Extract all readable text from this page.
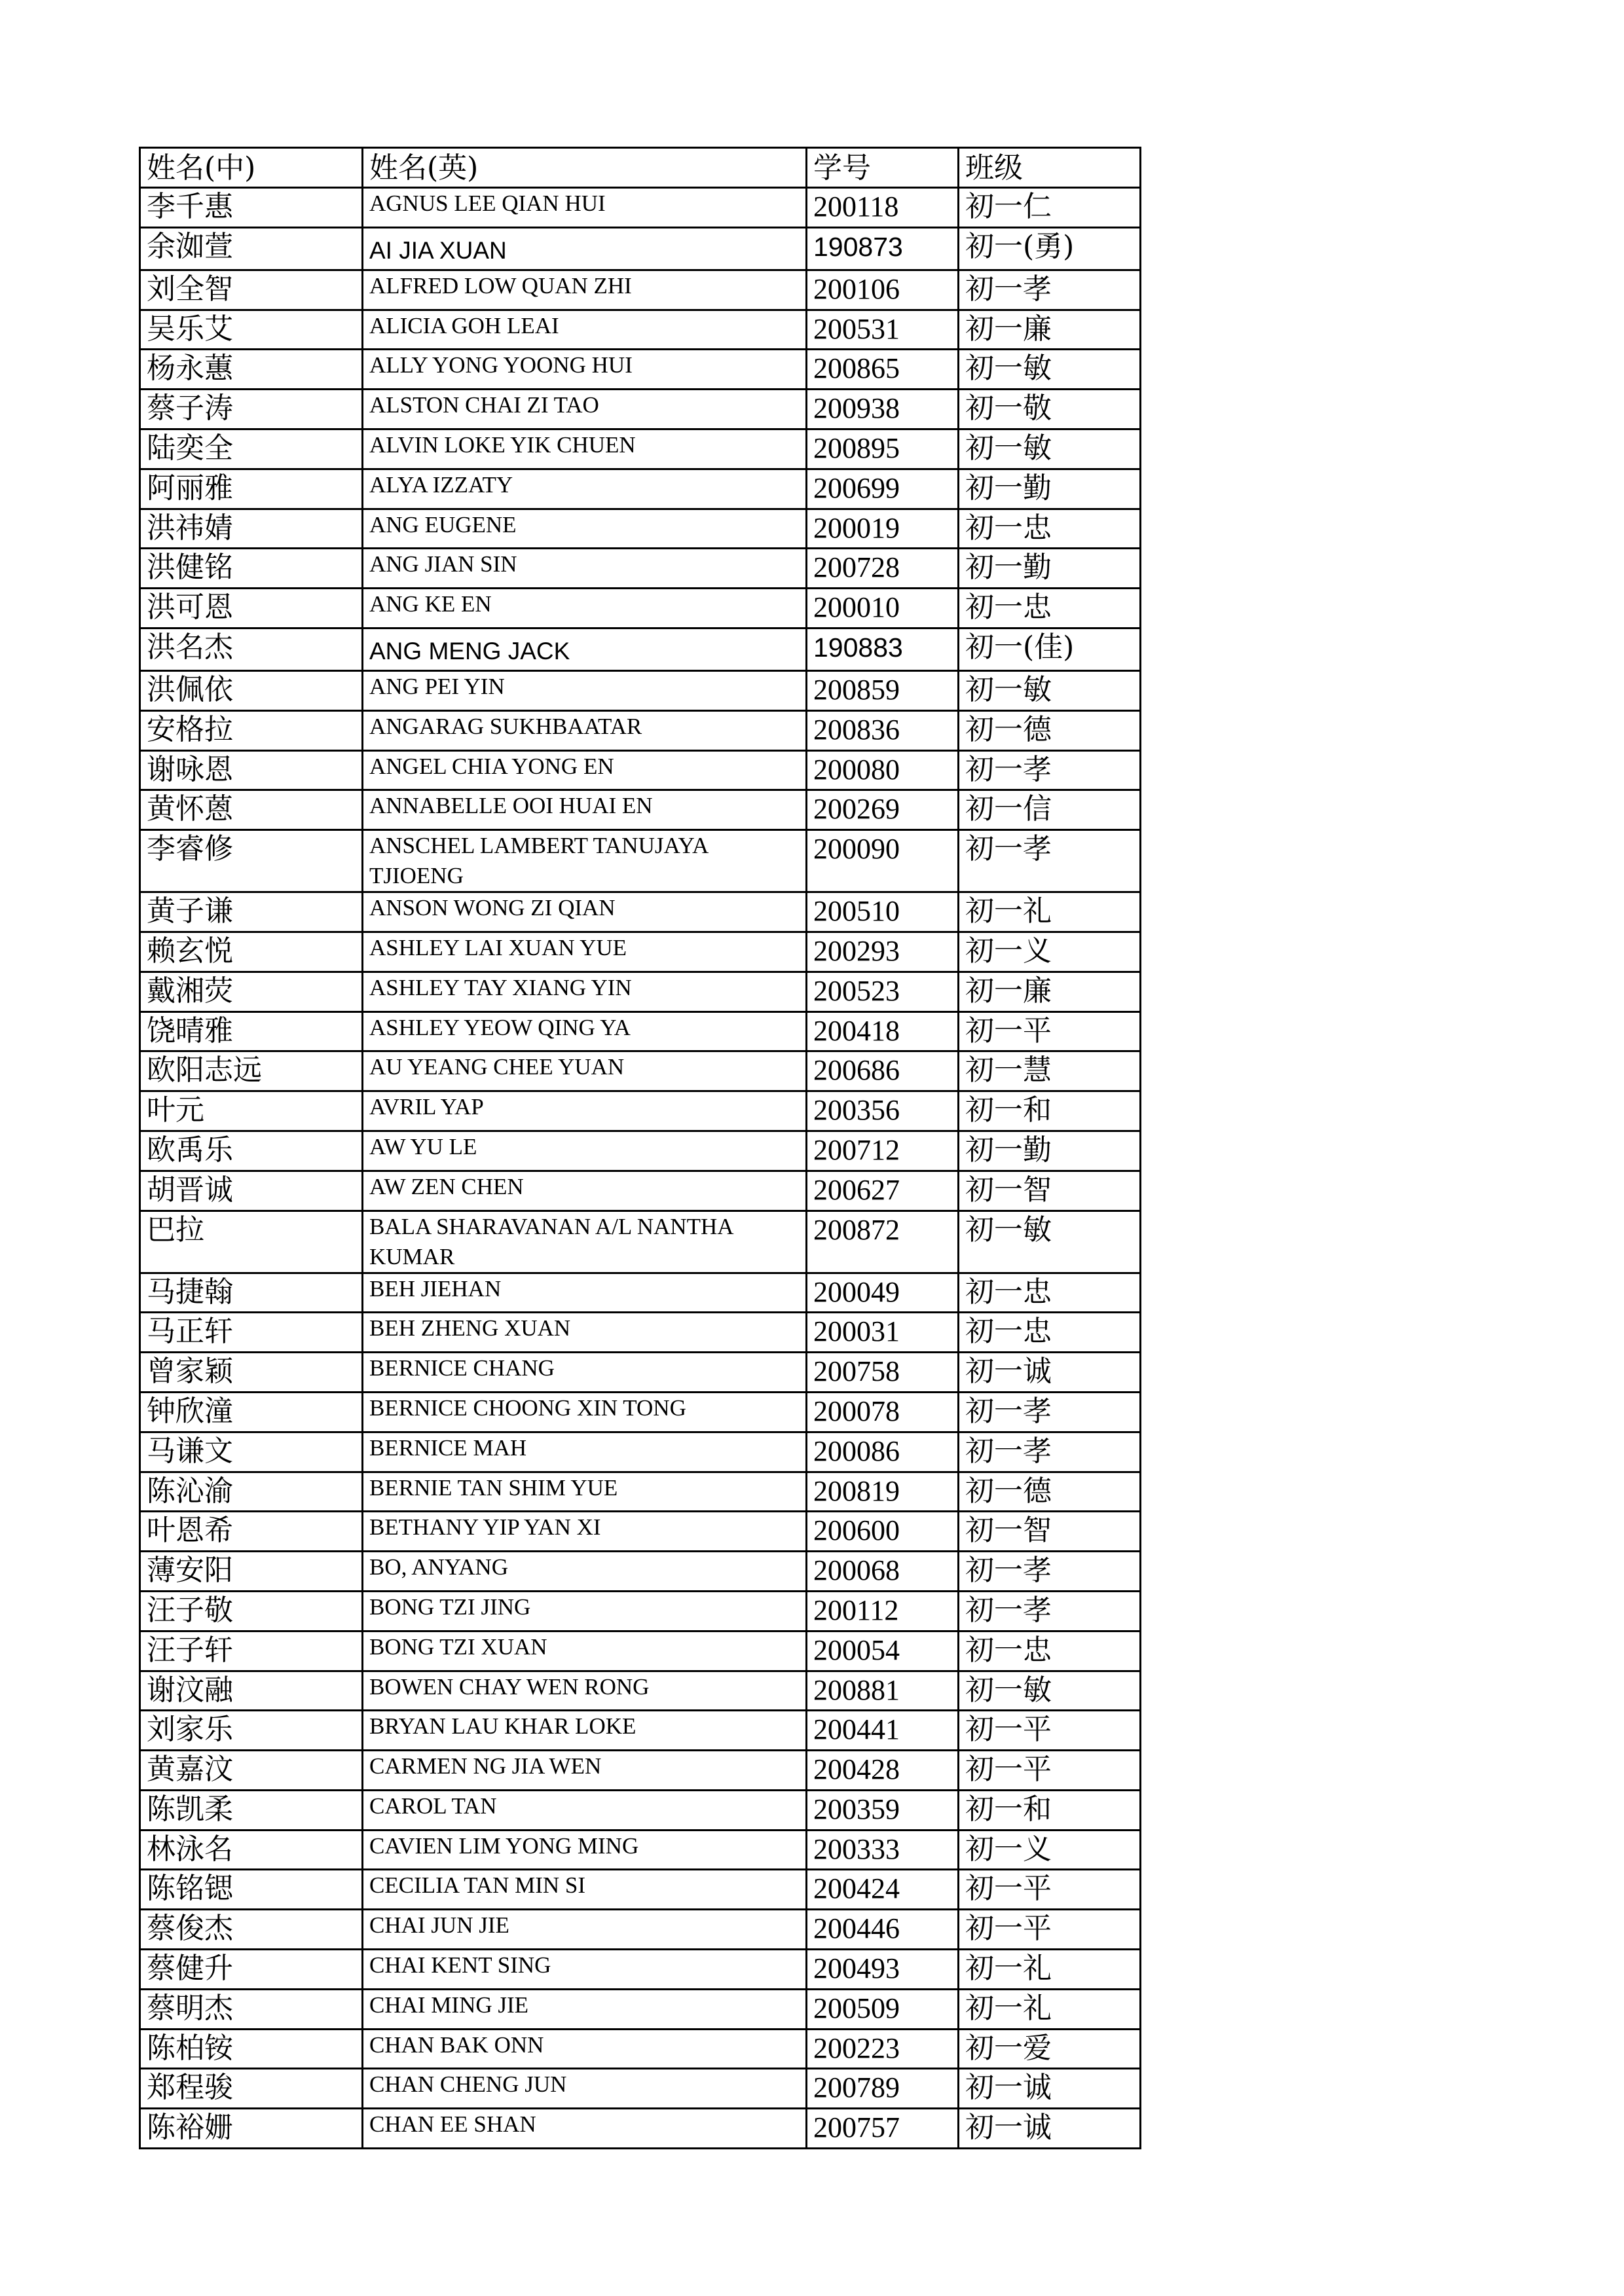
姓名(中)	姓名(英)	学号	班级
李千惠	AGNUS LEE QIAN HUI	200118	初一仁
余洳萱	AI JIA XUAN	190873	初一(勇)
刘全智	ALFRED LOW QUAN ZHI	200106	初一孝
吴乐艾	ALICIA GOH LEAI	200531	初一廉
杨永蕙	ALLY YONG YOONG HUI	200865	初一敏
蔡子涛	ALSTON CHAI ZI TAO	200938	初一敬
陆奕全	ALVIN LOKE YIK CHUEN	200895	初一敏
阿丽雅	ALYA IZZATY	200699	初一勤
洪祎婧	ANG EUGENE	200019	初一忠
洪健铭	ANG JIAN SIN	200728	初一勤
洪可恩	ANG KE EN	200010	初一忠
洪名杰	ANG MENG JACK	190883	初一(佳)
洪佩依	ANG PEI YIN	200859	初一敏
安格拉	ANGARAG SUKHBAATAR	200836	初一德
谢咏恩	ANGEL CHIA YONG EN	200080	初一孝
黄怀蒽	ANNABELLE OOI HUAI EN	200269	初一信
李睿修	ANSCHEL LAMBERT TANUJAYA TJIOENG	200090	初一孝
黄子谦	ANSON WONG ZI QIAN	200510	初一礼
赖玄悦	ASHLEY LAI XUAN YUE	200293	初一义
戴湘荧	ASHLEY TAY XIANG YIN	200523	初一廉
饶晴雅	ASHLEY YEOW QING YA	200418	初一平
欧阳志远	AU YEANG CHEE YUAN	200686	初一慧
叶元	AVRIL YAP	200356	初一和
欧禹乐	AW YU LE	200712	初一勤
胡晋诚	AW ZEN CHEN	200627	初一智
巴拉	BALA SHARAVANAN A/L NANTHA KUMAR	200872	初一敏
马捷翰	BEH JIEHAN	200049	初一忠
马正轩	BEH ZHENG XUAN	200031	初一忠
曾家颖	BERNICE CHANG	200758	初一诚
钟欣潼	BERNICE CHOONG XIN TONG	200078	初一孝
马谦文	BERNICE MAH	200086	初一孝
陈沁渝	BERNIE TAN SHIM YUE	200819	初一德
叶恩希	BETHANY YIP YAN XI	200600	初一智
薄安阳	BO, ANYANG	200068	初一孝
汪子敬	BONG TZI JING	200112	初一孝
汪子轩	BONG TZI XUAN	200054	初一忠
谢汶融	BOWEN CHAY WEN RONG	200881	初一敏
刘家乐	BRYAN LAU KHAR LOKE	200441	初一平
黄嘉汶	CARMEN NG JIA WEN	200428	初一平
陈凯柔	CAROL TAN	200359	初一和
林泳名	CAVIEN LIM YONG MING	200333	初一义
陈铭锶	CECILIA TAN MIN SI	200424	初一平
蔡俊杰	CHAI JUN JIE	200446	初一平
蔡健升	CHAI KENT SING	200493	初一礼
蔡明杰	CHAI MING JIE	200509	初一礼
陈柏铵	CHAN BAK ONN	200223	初一爱
郑程骏	CHAN CHENG JUN	200789	初一诚
陈裕姗	CHAN EE SHAN	200757	初一诚
